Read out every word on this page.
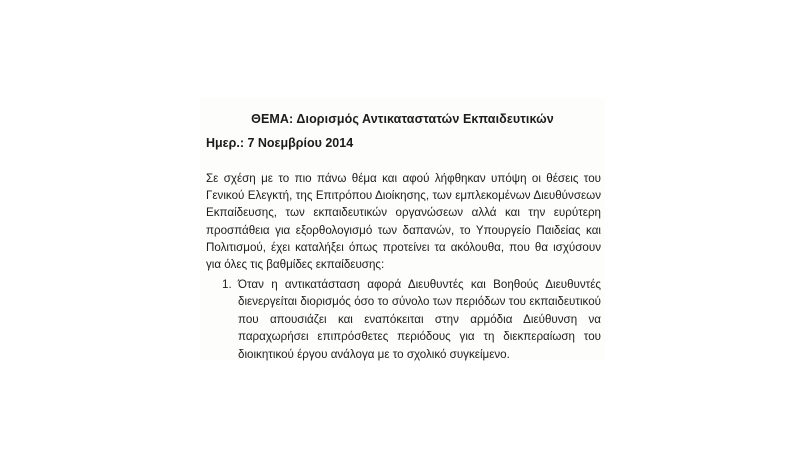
ΘΕΜΑ: Διορισμός Αντικαταστατών Εκπαιδευτικών
Ημερ.: 7 Νοεμβρίου 2014
Σε σχέση με το πιο πάνω θέμα και αφού λήφθηκαν υπόψη οι θέσεις του Γενικού Ελεγκτή, της Επιτρόπου Διοίκησης, των εμπλεκομένων Διευθύνσεων Εκπαίδευσης, των εκπαιδευτικών οργανώσεων αλλά και την ευρύτερη προσπάθεια για εξορθολογισμό των δαπανών, το Υπουργείο Παιδείας και Πολιτισμού, έχει καταλήξει όπως προτείνει τα ακόλουθα, που θα ισχύσουν για όλες τις βαθμίδες εκπαίδευσης:
1. Όταν η αντικατάσταση αφορά Διευθυντές και Βοηθούς Διευθυντές διενεργείται διορισμός όσο το σύνολο των περιόδων του εκπαιδευτικού που απουσιάζει και εναπόκειται στην αρμόδια Διεύθυνση να παραχωρήσει επιπρόσθετες περιόδους για τη διεκπεραίωση του διοικητικού έργου ανάλογα με το σχολικό συγκείμενο.
